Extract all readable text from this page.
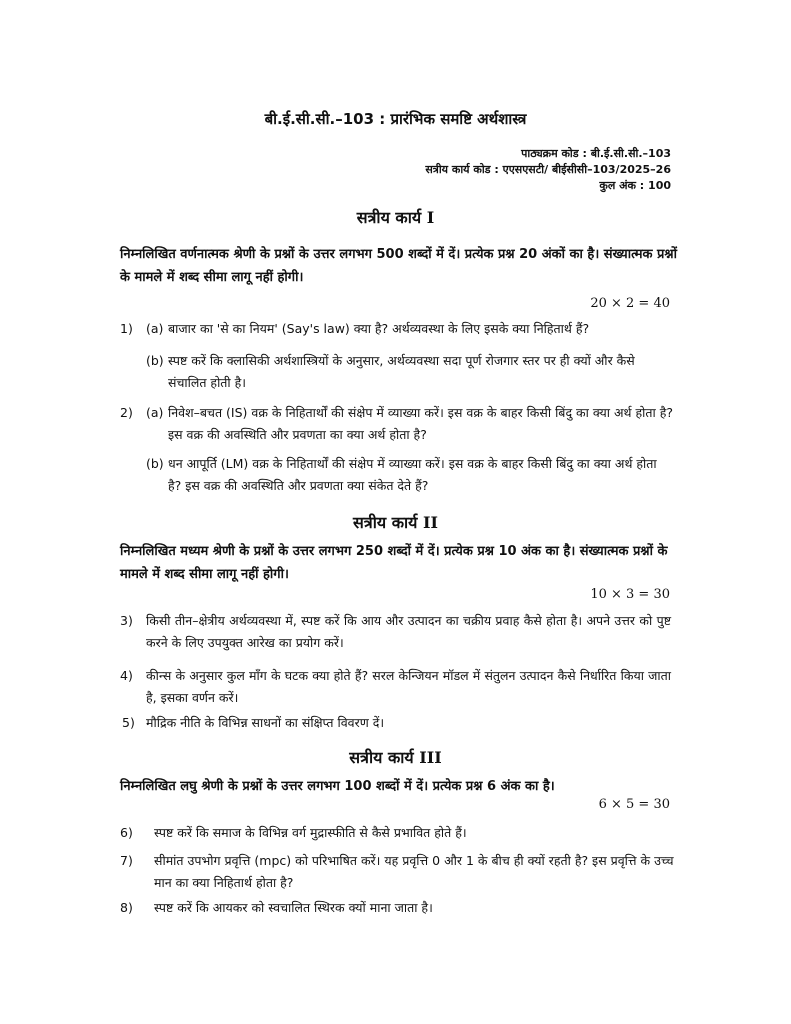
बी.ई.सी.सी.–103 : प्रारंभिक समष्टि अर्थशास्त्र
पाठ्यक्रम कोड : बी.ई.सी.सी.–103
सत्रीय कार्य कोड : एएसएसटी/ बीईसीसी–103/2025–26
कुल अंक : 100
सत्रीय कार्य I
निम्नलिखित वर्णनात्मक श्रेणी के प्रश्नों के उत्तर लगभग 500 शब्दों में दें। प्रत्येक प्रश्न 20 अंकों का है। संख्यात्मक प्रश्नों के मामले में शब्द सीमा लागू नहीं होगी।
20 × 2 = 40
1) (a) बाजार का 'से का नियम' (Say's law) क्या है? अर्थव्यवस्था के लिए इसके क्या निहितार्थ हैं?
(b) स्पष्ट करें कि क्लासिकी अर्थशास्त्रियों के अनुसार, अर्थव्यवस्था सदा पूर्ण रोजगार स्तर पर ही क्यों और कैसे संचालित होती है।
2) (a) निवेश–बचत (IS) वक्र के निहितार्थों की संक्षेप में व्याख्या करें। इस वक्र के बाहर किसी बिंदु का क्या अर्थ होता है? इस वक्र की अवस्थिति और प्रवणता का क्या अर्थ होता है?
(b) धन आपूर्ति (LM) वक्र के निहितार्थों की संक्षेप में व्याख्या करें। इस वक्र के बाहर किसी बिंदु का क्या अर्थ होता है? इस वक्र की अवस्थिति और प्रवणता क्या संकेत देते हैं?
सत्रीय कार्य II
निम्नलिखित मध्यम श्रेणी के प्रश्नों के उत्तर लगभग 250 शब्दों में दें। प्रत्येक प्रश्न 10 अंक का है। संख्यात्मक प्रश्नों के मामले में शब्द सीमा लागू नहीं होगी।
10 × 3 = 30
3) किसी तीन–क्षेत्रीय अर्थव्यवस्था में, स्पष्ट करें कि आय और उत्पादन का चक्रीय प्रवाह कैसे होता है। अपने उत्तर को पुष्ट करने के लिए उपयुक्त आरेख का प्रयोग करें।
4) कीन्स के अनुसार कुल माँग के घटक क्या होते हैं? सरल केन्जियन मॉडल में संतुलन उत्पादन कैसे निर्धारित किया जाता है, इसका वर्णन करें।
5) मौद्रिक नीति के विभिन्न साधनों का संक्षिप्त विवरण दें।
सत्रीय कार्य III
निम्नलिखित लघु श्रेणी के प्रश्नों के उत्तर लगभग 100 शब्दों में दें। प्रत्येक प्रश्न 6 अंक का है।
6 × 5 = 30
6) स्पष्ट करें कि समाज के विभिन्न वर्ग मुद्रास्फीति से कैसे प्रभावित होते हैं।
7) सीमांत उपभोग प्रवृत्ति (mpc) को परिभाषित करें। यह प्रवृत्ति 0 और 1 के बीच ही क्यों रहती है? इस प्रवृत्ति के उच्च मान का क्या निहितार्थ होता है?
8) स्पष्ट करें कि आयकर को स्वचालित स्थिरक क्यों माना जाता है।
